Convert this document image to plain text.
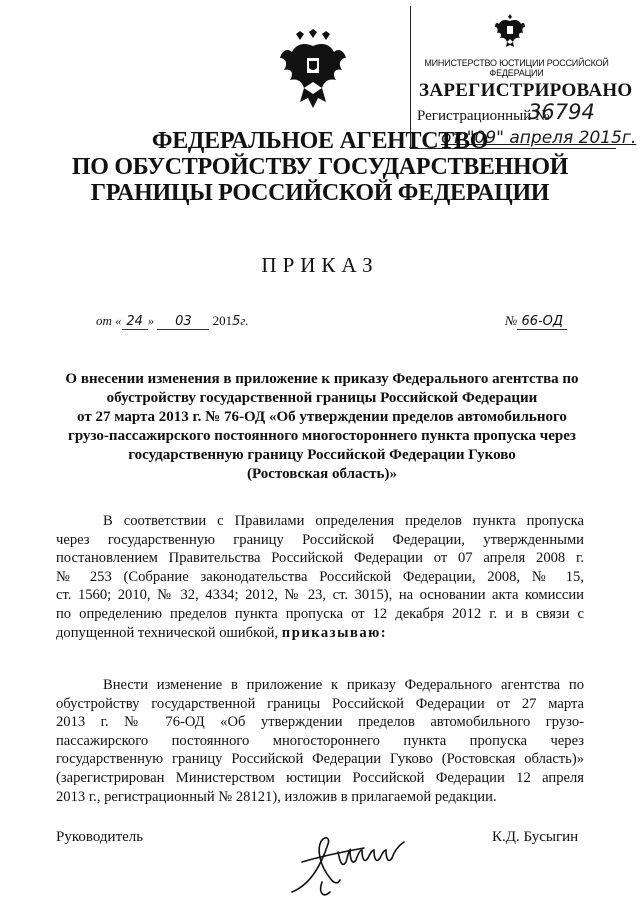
МИНИСТЕРСТВО ЮСТИЦИИ РОССИЙСКОЙ ФЕДЕРАЦИИ
ЗАРЕГИСТРИРОВАНО
Регистрационный №
36794
от "09" апреля 2015г.
ФЕДЕРАЛЬНОЕ АГЕНТСТВО
ПО ОБУСТРОЙСТВУ ГОСУДАРСТВЕННОЙ
ГРАНИЦЫ РОССИЙСКОЙ ФЕДЕРАЦИИ
ПРИКАЗ
от « 24 » 03 2015г.	№ 66-ОД
О внесении изменения в приложение к приказу Федерального агентства по
обустройству государственной границы Российской Федерации
от 27 марта 2013 г. № 76-ОД «Об утверждении пределов автомобильного
грузо-пассажирского постоянного многостороннего пункта пропуска через
государственную границу Российской Федерации Гуково
(Ростовская область)»
В соответствии с Правилами определения пределов пункта пропуска
через государственную границу Российской Федерации, утвержденными
постановлением Правительства Российской Федерации от 07 апреля 2008 г.
№ 253 (Собрание законодательства Российской Федерации, 2008, № 15,
ст. 1560; 2010, № 32, 4334; 2012, № 23, ст. 3015), на основании акта комиссии
по определению пределов пункта пропуска от 12 декабря 2012 г. и в связи с
допущенной технической ошибкой, приказываю:
Внести изменение в приложение к приказу Федерального агентства по
обустройству государственной границы Российской Федерации от 27 марта
2013 г. № 76-ОД «Об утверждении пределов автомобильного грузо-
пассажирского постоянного многостороннего пункта пропуска через
государственную границу Российской Федерации Гуково (Ростовская область)»
(зарегистрирован Министерством юстиции Российской Федерации 12 апреля
2013 г., регистрационный № 28121), изложив в прилагаемой редакции.
Руководитель	К.Д. Бусыгин
